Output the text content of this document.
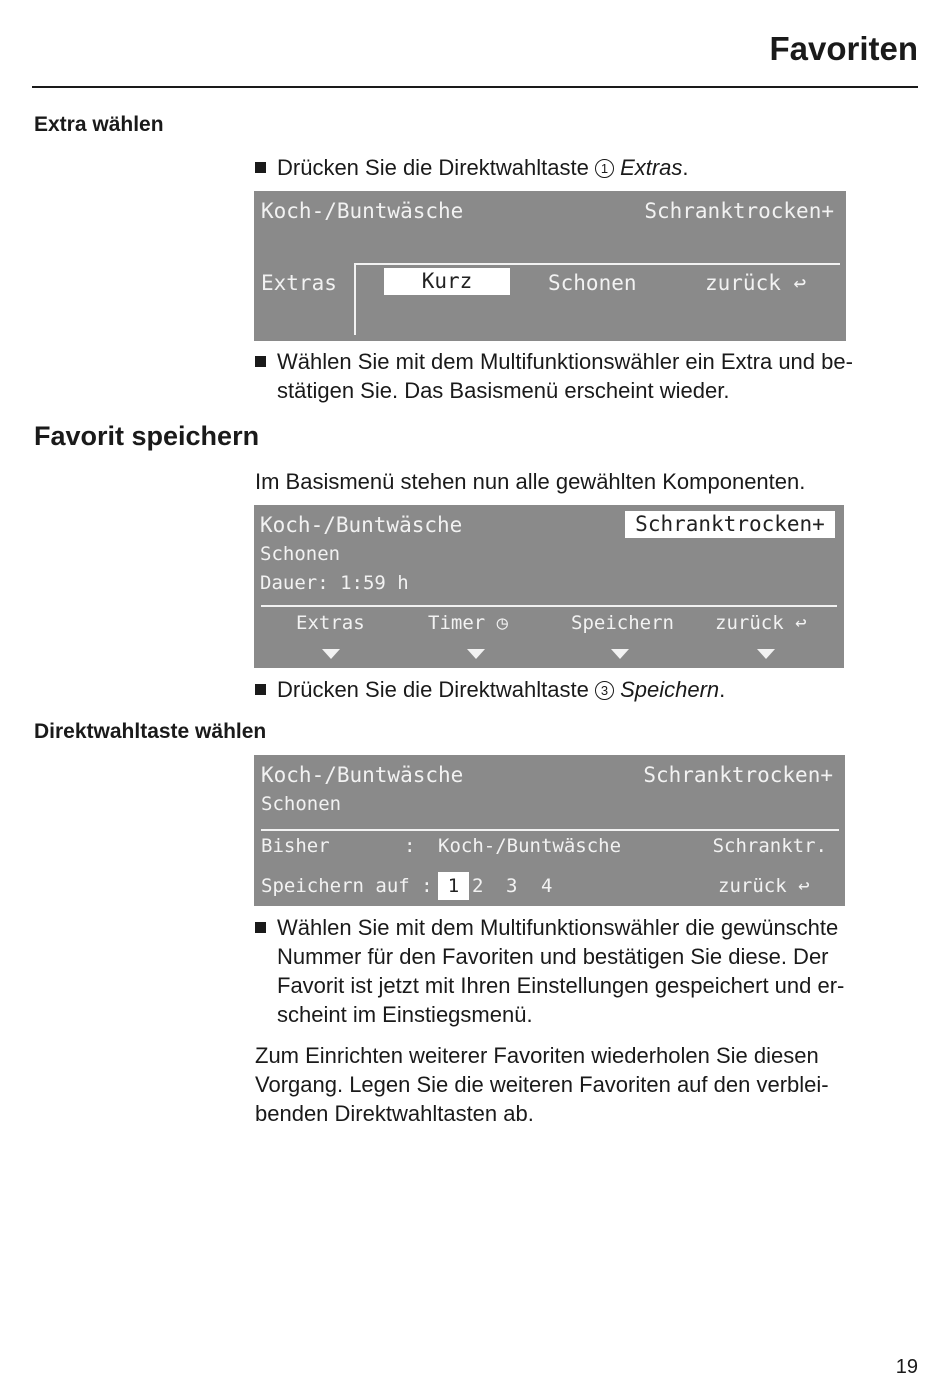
Favoriten
Extra wählen
Drücken Sie die Direktwahltaste 1 Extras.
Koch-/Buntwäsche	Schranktrocken+
Extras	Kurz	Schonen	zurück ↩
Wählen Sie mit dem Multifunktionswähler ein Extra und be-
stätigen Sie. Das Basismenü erscheint wieder.
Favorit speichern
Im Basismenü stehen nun alle gewählten Komponenten.
Koch-/Buntwäsche	Schranktrocken+
Schonen
Dauer: 1:59 h
Extras	Timer ◷	Speichern zurück ↩
Drücken Sie die Direktwahltaste 3 Speichern.
Direktwahltaste wählen
Koch-/Buntwäsche	Schranktrocken+
Schonen
Bisher	: Koch-/Buntwäsche	Schranktr.
Speichern auf : 1 2 3 4	zurück ↩
Wählen Sie mit dem Multifunktionswähler die gewünschte
Nummer für den Favoriten und bestätigen Sie diese. Der
Favorit ist jetzt mit Ihren Einstellungen gespeichert und er-
scheint im Einstiegsmenü.
Zum Einrichten weiterer Favoriten wiederholen Sie diesen
Vorgang. Legen Sie die weiteren Favoriten auf den verblei-
benden Direktwahltasten ab.
19
